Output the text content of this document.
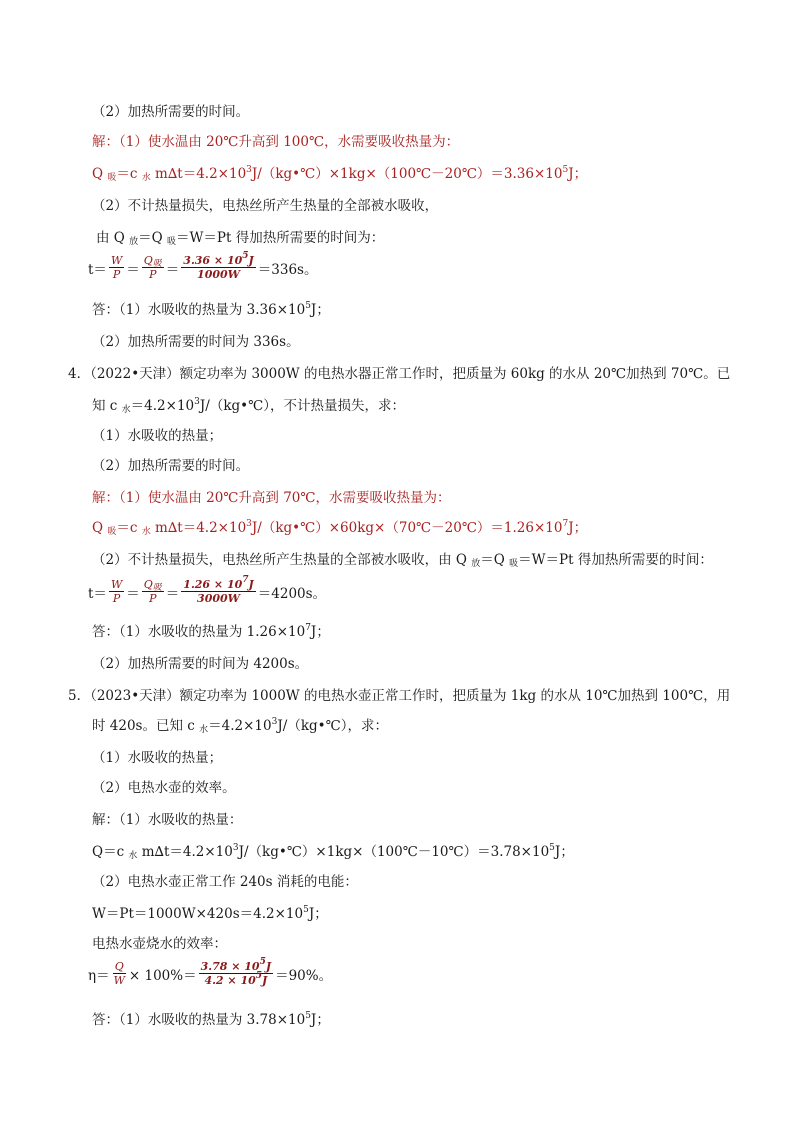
（2）加热所需要的时间。
解：（1）使水温由 20℃升高到 100℃，水需要吸收热量为：
Q $_吸$＝c $_水$ $m\Delta t=4.2\times 10^3J/(kg•℃)\times 1kg\times(100℃-20℃)=3.36\times 10^5J$；
（2）不计热量损失，电热丝所产生热量的全部被水吸收，
由 Q $_放$＝Q $_吸$＝W＝Pt 得加热所需要的时间为：
$t= \frac{W}{P} = \frac{Q_吸}{P} = \frac{3.36 \times 10^5J}{1000W} =336s$。
答：（1）水吸收的热量为 $3.36\times 10^5J$；
（2）加热所需要的时间为 336s。
4．（2022•天津）额定功率为 3000W 的电热水器正常工作时，把质量为 60kg 的水从 20℃加热到 70℃。已
知 c $_水=4.2\times 10^3J/(kg•℃)$，不计热量损失，求：
（1）水吸收的热量；
（2）加热所需要的时间。
解：（1）使水温由 20℃升高到 70℃，水需要吸收热量为：
Q $_吸$＝c $_水$ $m\Delta t=4.2\times 10^3J/(kg•℃)\times 60kg\times(70℃-20℃)=1.26\times 10^7J$；
（2）不计热量损失，电热丝所产生热量的全部被水吸收，由 Q $_放$＝Q $_吸$＝W＝Pt 得加热所需要的时间：
$t= \frac{W}{P} = \frac{Q_吸}{P} = \frac{1.26 \times 10^7J}{3000W} =4200s$。
答：（1）水吸收的热量为 $1.26\times 10^7J$；
（2）加热所需要的时间为 4200s。
5．（2023•天津）额定功率为 1000W 的电热水壶正常工作时，把质量为 1kg 的水从 10℃加热到 100℃，用
时 420s。已知 c $_水=4.2\times 10^3J/(kg•℃)$，求：
（1）水吸收的热量；
（2）电热水壶的效率。
解：（1）水吸收的热量：
Q＝c $_水$ $m\Delta t=4.2\times 10^3J/(kg•℃)\times 1kg\times(100℃-10℃)=3.78\times 10^5J$；
（2）电热水壶正常工作 240s 消耗的电能：
$W=Pt=1000W\times 420s=4.2\times 10^5J$；
电热水壶烧水的效率：
$\eta= \frac{Q}{W} \times 100\%= \frac{3.78 \times 10^5J}{4.2 \times 10^5J} =90\%$。
答：（1）水吸收的热量为 $3.78\times 10^5J$；
